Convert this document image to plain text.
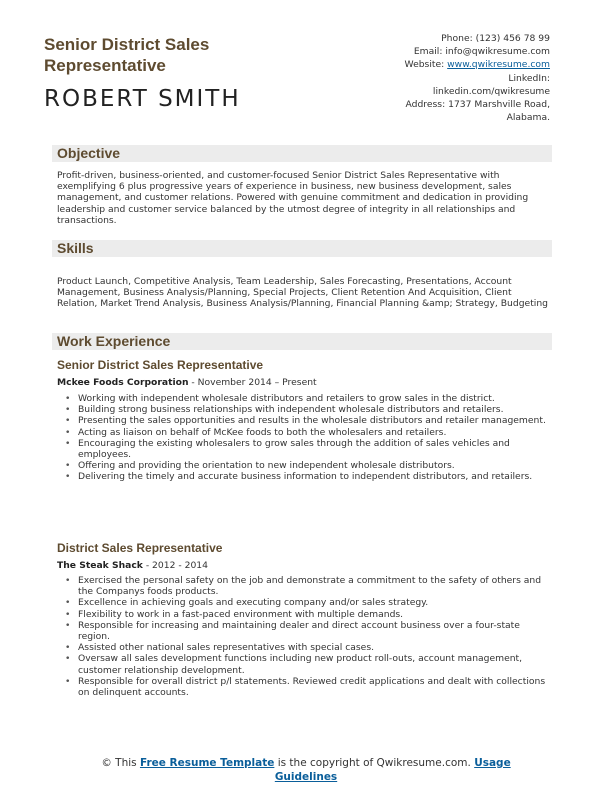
Senior District Sales Representative
ROBERT SMITH
Phone: (123) 456 78 99
Email: info@qwikresume.com
Website: www.qwikresume.com
LinkedIn:
linkedin.com/qwikresume
Address: 1737 Marshville Road,
Alabama.
Objective
Profit-driven, business-oriented, and customer-focused Senior District Sales Representative with exemplifying 6 plus progressive years of experience in business, new business development, sales management, and customer relations. Powered with genuine commitment and dedication in providing leadership and customer service balanced by the utmost degree of integrity in all relationships and transactions.
Skills
Product Launch, Competitive Analysis, Team Leadership, Sales Forecasting, Presentations, Account Management, Business Analysis/Planning, Special Projects, Client Retention And Acquisition, Client Relation, Market Trend Analysis, Business Analysis/Planning, Financial Planning &amp; Strategy, Budgeting
Work Experience
Senior District Sales Representative
Mckee Foods Corporation - November 2014 – Present
• Working with independent wholesale distributors and retailers to grow sales in the district.
• Building strong business relationships with independent wholesale distributors and retailers.
• Presenting the sales opportunities and results in the wholesale distributors and retailer management.
• Acting as liaison on behalf of McKee foods to both the wholesalers and retailers.
• Encouraging the existing wholesalers to grow sales through the addition of sales vehicles and employees.
• Offering and providing the orientation to new independent wholesale distributors.
• Delivering the timely and accurate business information to independent distributors, and retailers.
District Sales Representative
The Steak Shack - 2012 - 2014
• Exercised the personal safety on the job and demonstrate a commitment to the safety of others and the Companys foods products.
• Excellence in achieving goals and executing company and/or sales strategy.
• Flexibility to work in a fast-paced environment with multiple demands.
• Responsible for increasing and maintaining dealer and direct account business over a four-state region.
• Assisted other national sales representatives with special cases.
• Oversaw all sales development functions including new product roll-outs, account management, customer relationship development.
• Responsible for overall district p/l statements. Reviewed credit applications and dealt with collections on delinquent accounts.
© This Free Resume Template is the copyright of Qwikresume.com. Usage
Guidelines
